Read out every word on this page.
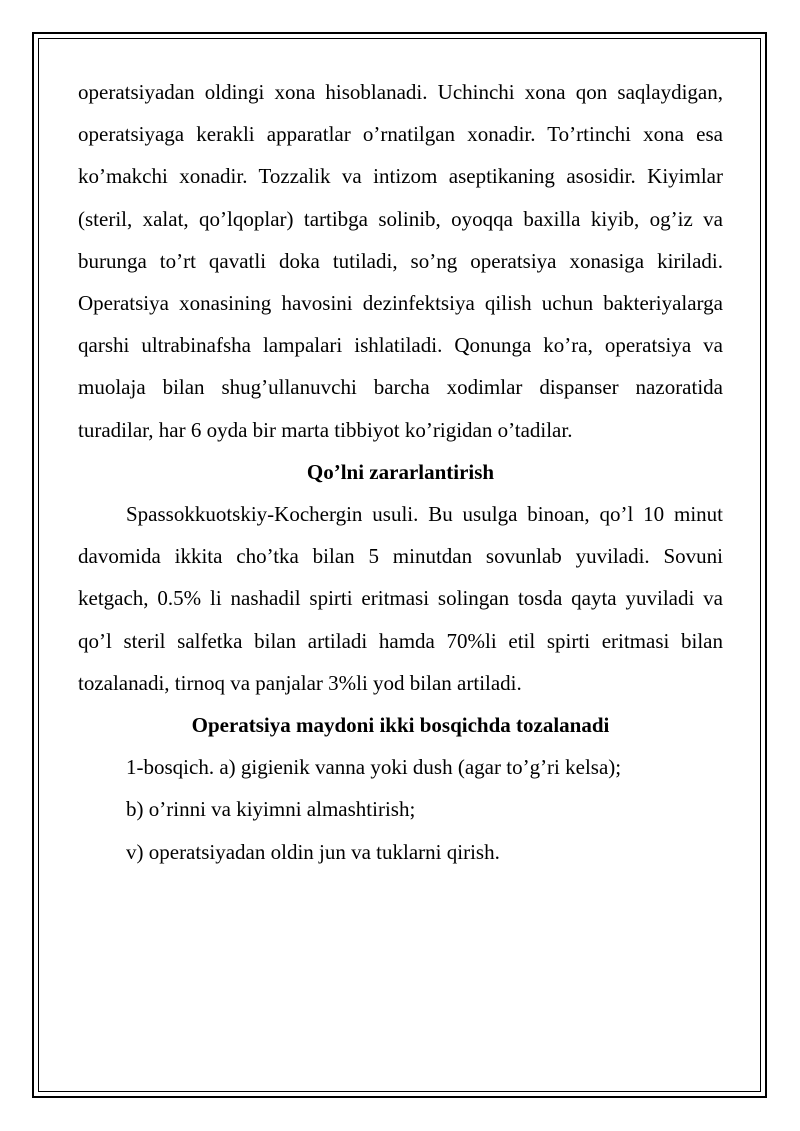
operatsiyadan oldingi xona hisoblanadi. Uchinchi xona qon saqlaydigan, operatsiyaga kerakli apparatlar o’rnatilgan xonadir. To’rtinchi xona esa ko’makchi xonadir. Tozzalik va intizom aseptikaning asosidir. Kiyimlar (steril, xalat, qo’lqoplar) tartibga solinib, oyoqqa baxilla kiyib, og’iz va burunga to’rt qavatli doka tutiladi, so’ng operatsiya xonasiga kiriladi. Operatsiya xonasining havosini dezinfektsiya qilish uchun bakteriyalarga qarshi ultrabinafsha lampalari ishlatiladi. Qonunga ko’ra, operatsiya va muolaja bilan shug’ullanuvchi barcha xodimlar dispanser nazoratida turadilar, har 6 oyda bir marta tibbiyot ko’rigidan o’tadilar.

Qo’lni zararlantirish

Spassokkuotskiy-Kochergin usuli. Bu usulga binoan, qo’l 10 minut davomida ikkita cho’tka bilan 5 minutdan sovunlab yuviladi. Sovuni ketgach, 0.5% li nashadil spirti eritmasi solingan tosda qayta yuviladi va qo’l steril salfetka bilan artiladi hamda 70%li etil spirti eritmasi bilan tozalanadi, tirnoq va panjalar 3%li yod bilan artiladi.

Operatsiya maydoni ikki bosqichda tozalanadi

1-bosqich. a) gigienik vanna yoki dush (agar to’g’ri kelsa);

b) o’rinni va kiyimni almashtirish;

v) operatsiyadan oldin jun va tuklarni qirish.
